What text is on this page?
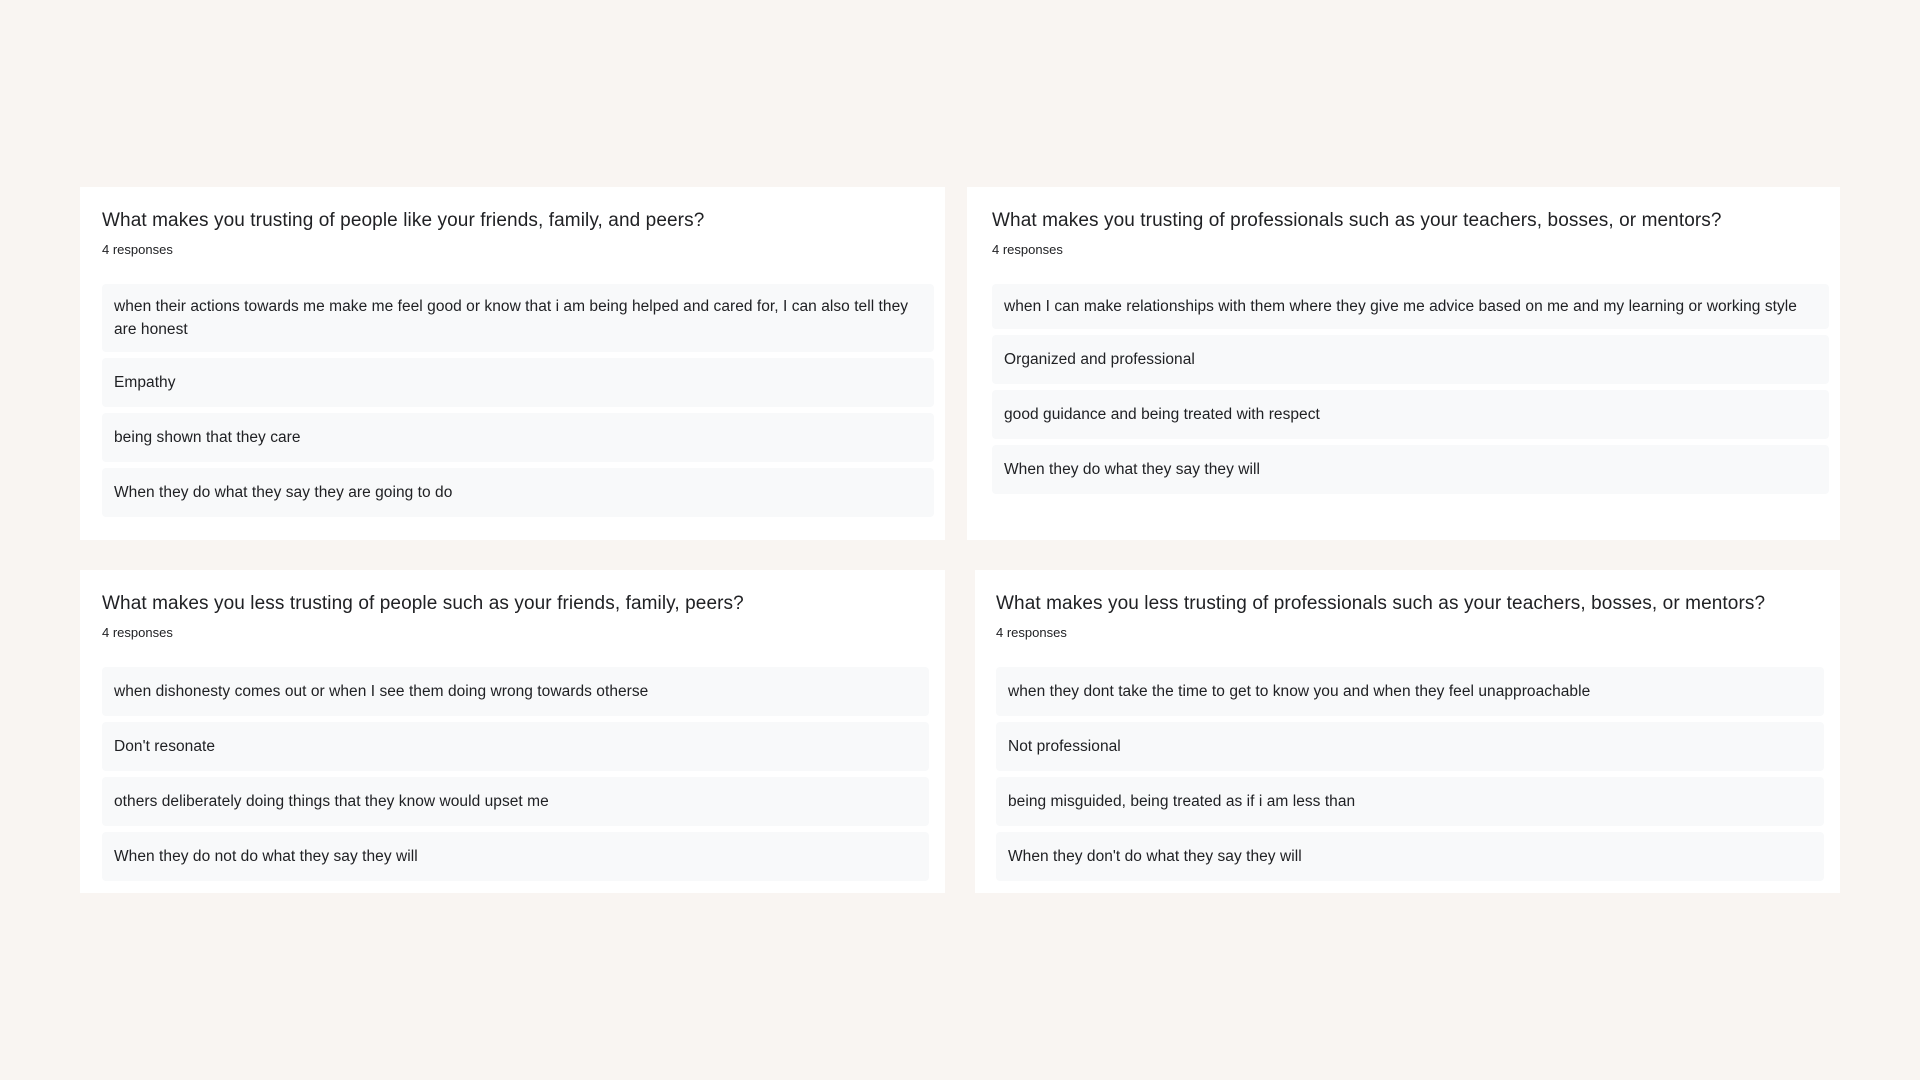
What makes you trusting of people like your friends, family, and peers?
4 responses
when their actions towards me make me feel good or know that i am being helped and cared for, I can also tell they are honest
Empathy
being shown that they care
When they do what they say they are going to do
What makes you trusting of professionals such as your teachers, bosses, or mentors?
4 responses
when I can make relationships with them where they give me advice based on me and my learning or working style
Organized and professional
good guidance and being treated with respect
When they do what they say they will
What makes you less trusting of people such as your friends, family, peers?
4 responses
when dishonesty comes out or when I see them doing wrong towards otherse
Don't resonate
others deliberately doing things that they know would upset me
When they do not do what they say they will
What makes you less trusting of professionals such as your teachers, bosses, or mentors?
4 responses
when they dont take the time to get to know you and when they feel unapproachable
Not professional
being misguided, being treated as if i am less than
When they don't do what they say they will
